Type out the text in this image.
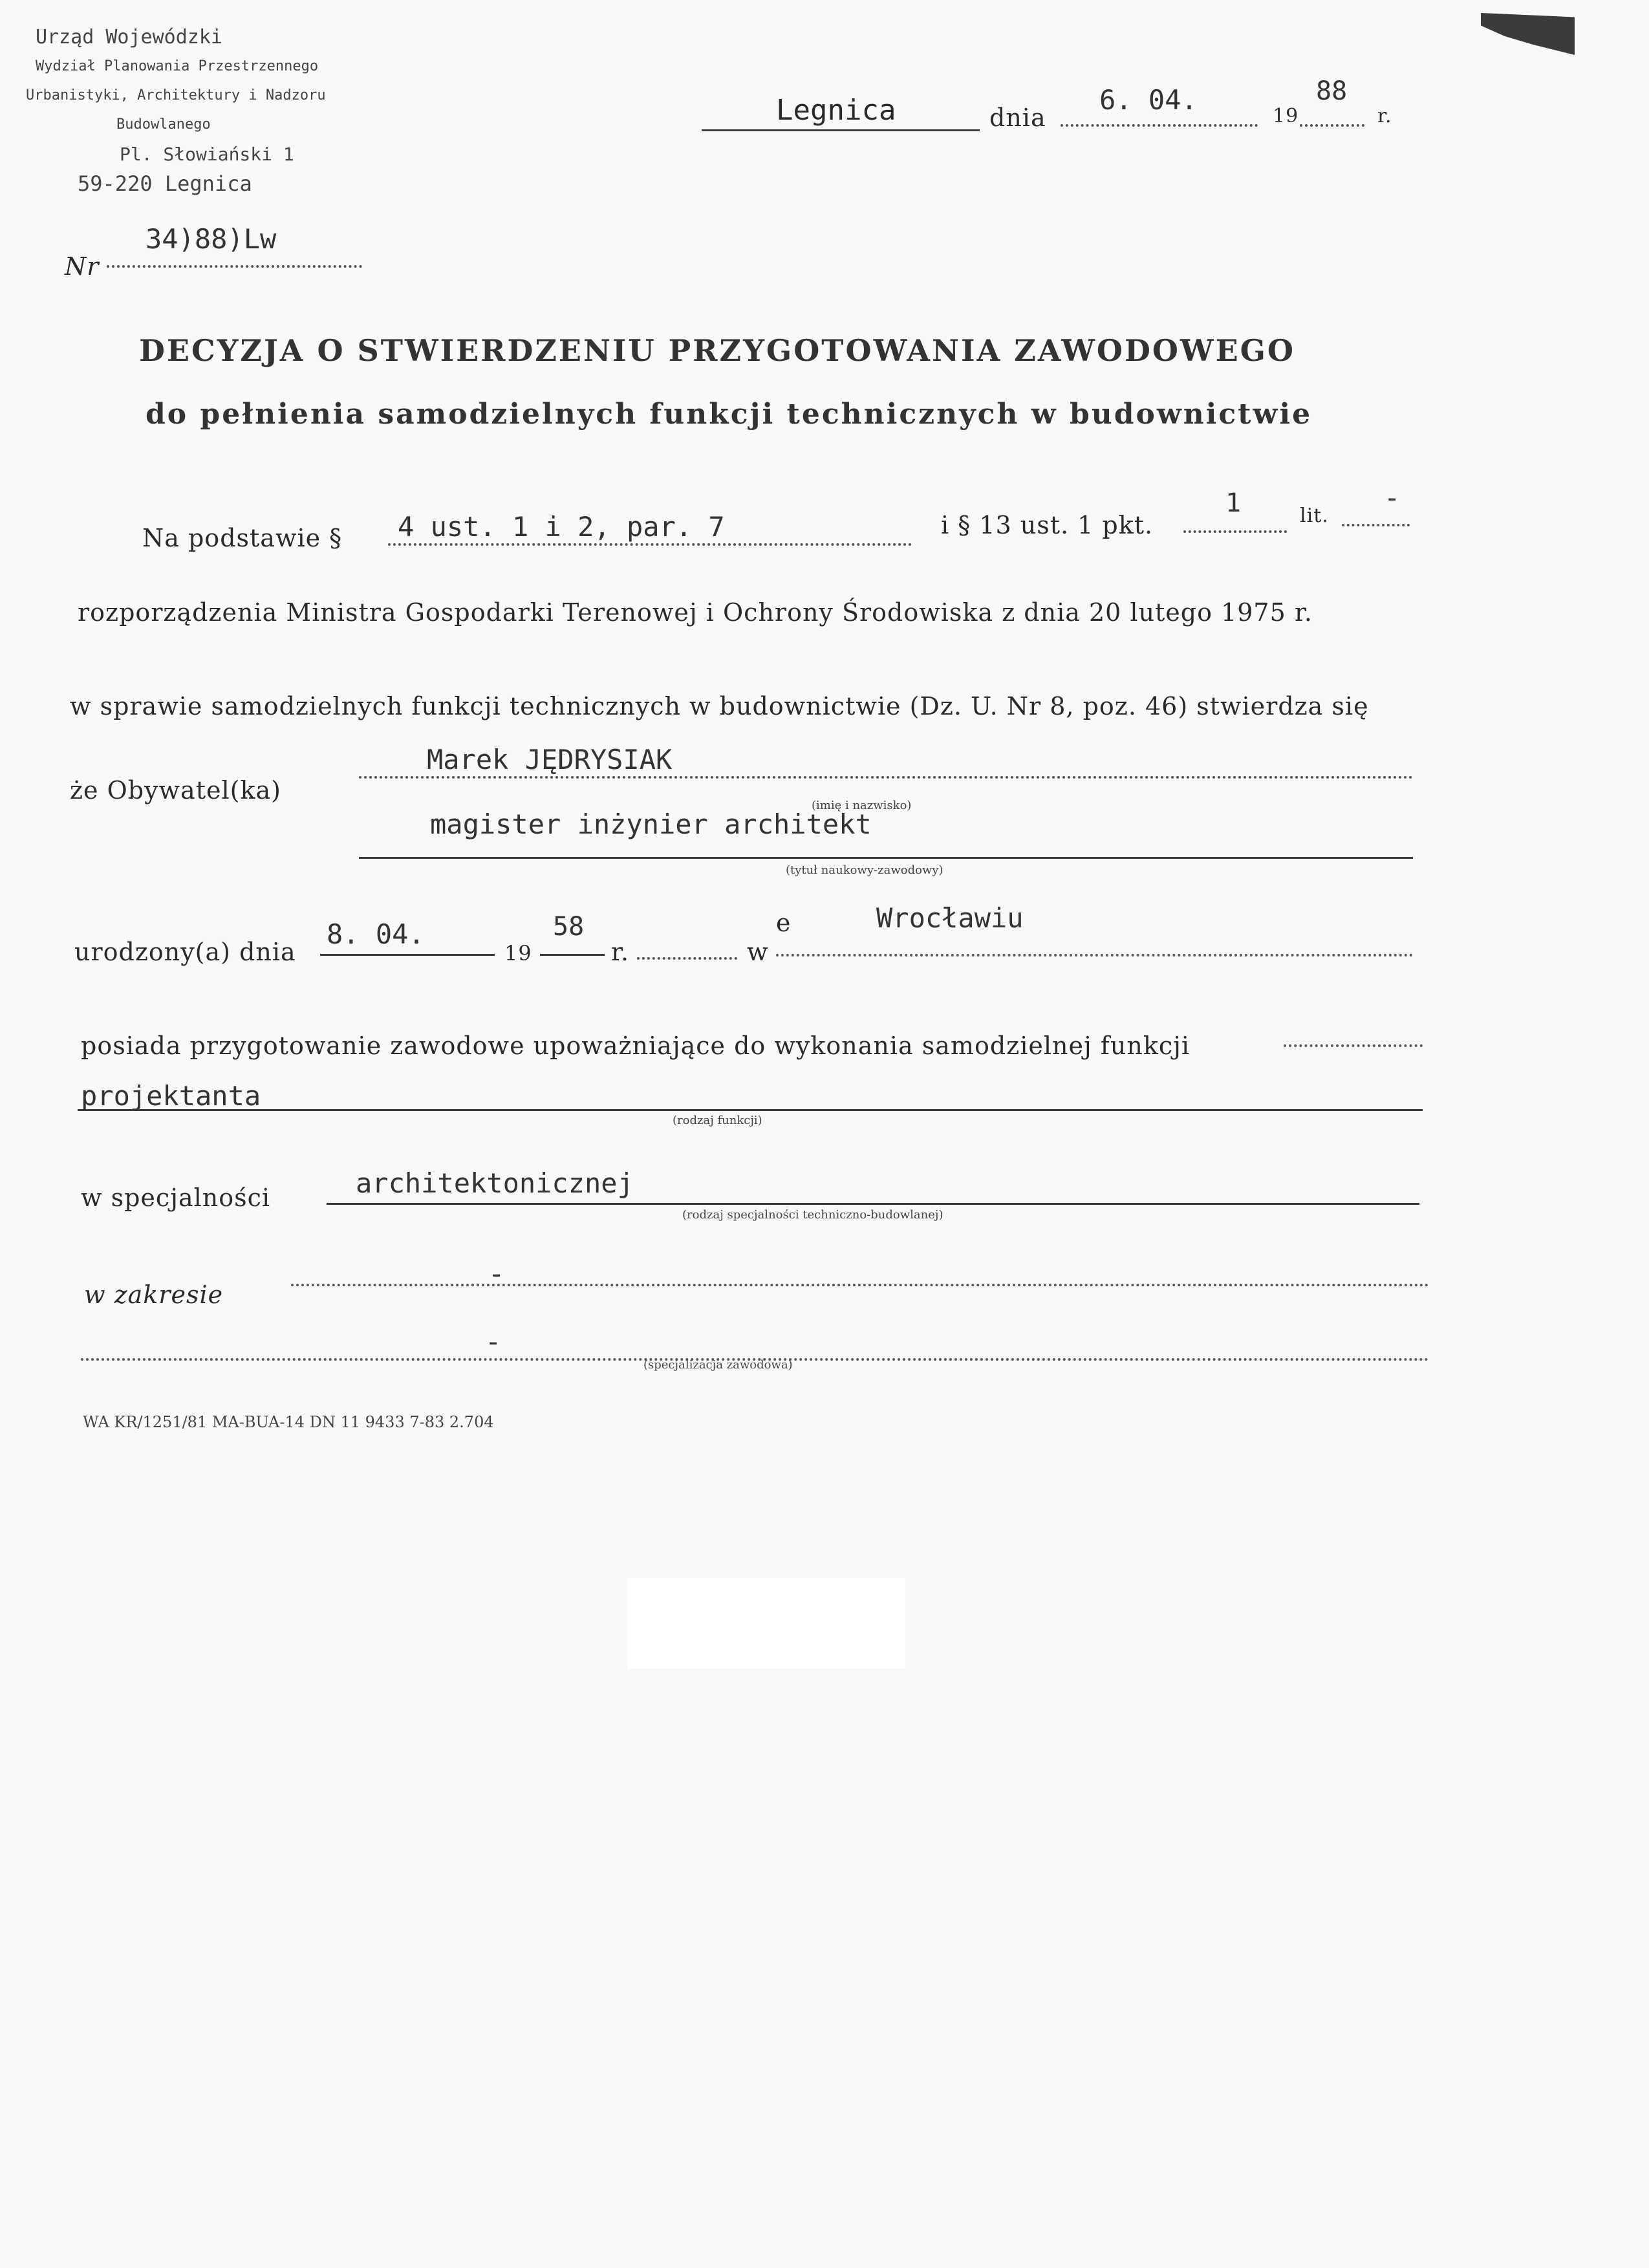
Urząd Wojewódzki
Wydział Planowania Przestrzennego
Urbanistyki, Architektury i Nadzoru
Budowlanego
Pl. Słowiański 1
59-220 Legnica
Nr
34)88)Lw
Legnica	dnia
6. 04.
19
88
r.
DECYZJA O STWIERDZENIU PRZYGOTOWANIA ZAWODOWEGO
do pełnienia samodzielnych funkcji technicznych w budownictwie
Na podstawie § 4 ust. 1 i 2, par. 7	i § 13 ust. 1 pkt.
1	lit.
-
rozporządzenia Ministra Gospodarki Terenowej i Ochrony Środowiska z dnia 20 lutego 1975 r.
w sprawie samodzielnych funkcji technicznych w budownictwie (Dz. U. Nr 8, poz. 46) stwierdza się
że Obywatel(ka)
Marek JĘDRYSIAK
(imię i nazwisko)
magister inżynier architekt
(tytuł naukowy-zawodowy)
urodzony(a) dnia
8. 04.
19
58
r.	w
e	Wrocławiu
posiada przygotowanie zawodowe upoważniające do wykonania samodzielnej funkcji
projektanta
(rodzaj funkcji)
w specjalności	architektonicznej
(rodzaj specjalności techniczno-budowlanej)
w zakresie
-
-
(specjalizacja zawodowa)
WA KR/1251/81 MA-BUA-14 DN 11 9433 7-83 2.704
